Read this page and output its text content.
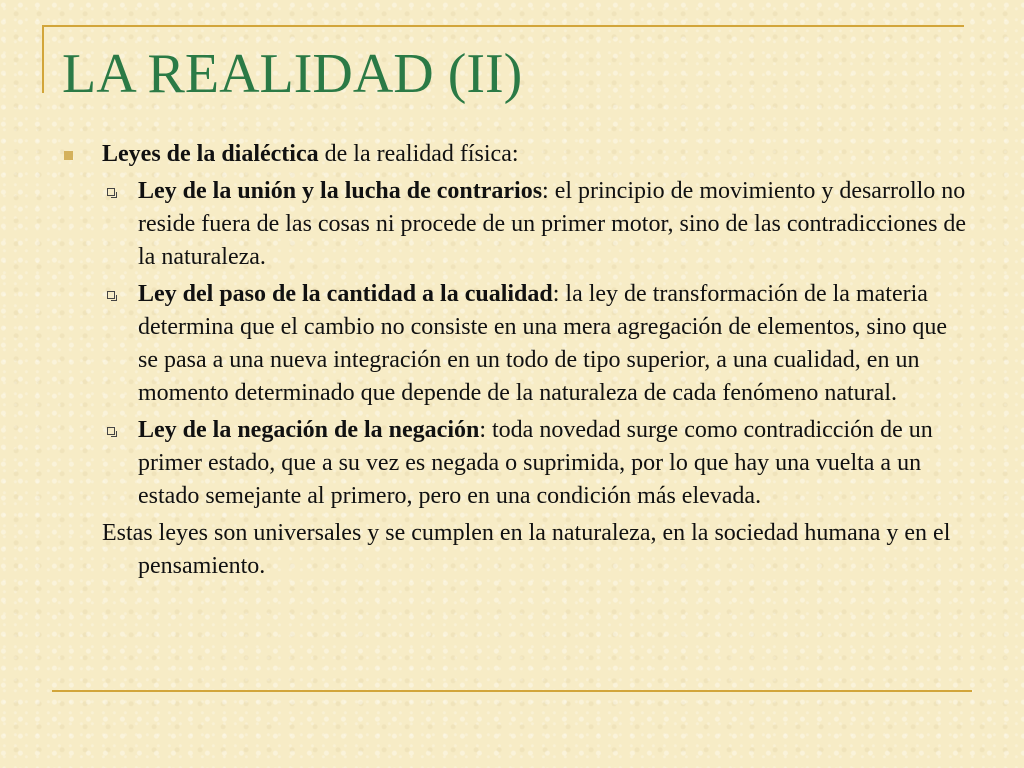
LA REALIDAD (II)
Leyes de la dialéctica de la realidad física:
Ley de la unión y la lucha de contrarios: el principio de movimiento y desarrollo no reside fuera de las cosas ni procede de un primer motor, sino de las contradicciones de la naturaleza.
Ley del paso de la cantidad a la cualidad: la ley de transformación de la materia determina que el cambio no consiste en una mera agregación de elementos, sino que se pasa a una nueva integración en un todo de tipo superior, a una cualidad, en un momento determinado que depende de la naturaleza de cada fenómeno natural.
Ley de la negación de la negación: toda novedad surge como contradicción de un primer estado, que a su vez es negada o suprimida, por lo que hay una vuelta a un estado semejante al primero, pero en una condición más elevada.
Estas leyes son universales y se cumplen en la naturaleza, en la sociedad humana y en el pensamiento.
